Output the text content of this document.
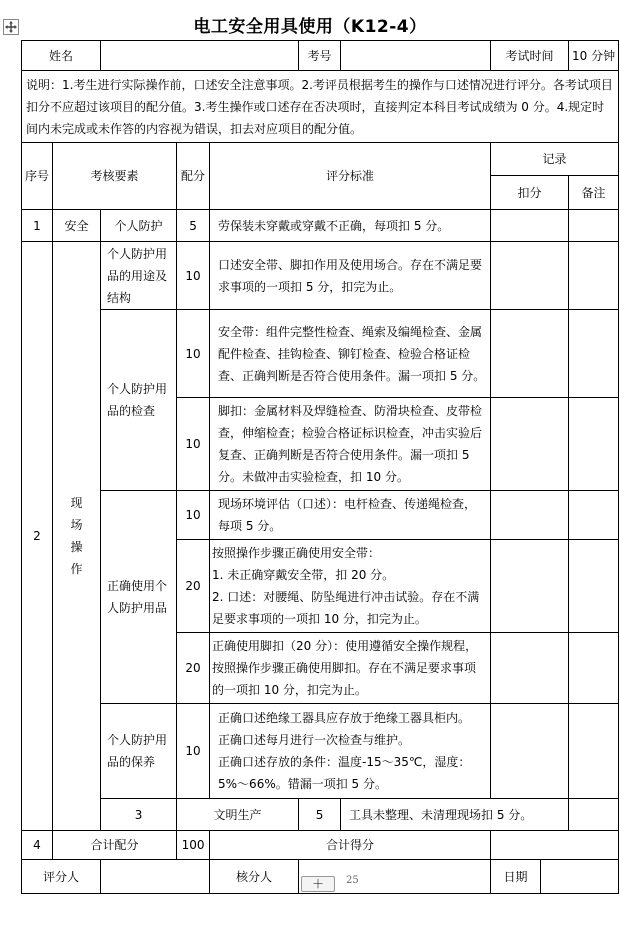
电工安全用具使用（K12-4）
姓名					考号		考试时间		10 分钟	
说明：1.考生进行实际操作前，口述安全注意事项。2.考评员根据考生的操作与口述情况进行评分。各考试项目扣分不应超过该项目的配分值。3.考生操作或口述存在否决项时，直接判定本科目考试成绩为 0 分。4.规定时间内未完成或未作答的内容视为错误，扣去对应项目的配分值。										
序号	考核要素		配分	评分标准			记录			
							扣分		备注	
1	安全	个人防护	5	劳保装未穿戴或穿戴不正确，每项扣 5 分。						
2	现场操作	个人防护用品的用途及结构	10	口述安全带、脚扣作用及使用场合。存在不满足要求事项的一项扣 5 分，扣完为止。						
		个人防护用品的检查	10	安全带：组件完整性检查、绳索及编绳检查、金属配件检查、挂钩检查、铆钉检查、检验合格证检查、正确判断是否符合使用条件。漏一项扣 5 分。						
			10	脚扣：金属材料及焊缝检查、防滑块检查、皮带检查，伸缩检查；检验合格证标识检查，冲击实验后复查、正确判断是否符合使用条件。漏一项扣 5 分。未做冲击实验检查，扣 10 分。						
		正确使用个人防护用品	10	现场环境评估（口述）：电杆检查、传递绳检查，每项 5 分。						
			20	按照操作步骤正确使用安全带：
1. 未正确穿戴安全带，扣 20 分。
2. 口述：对腰绳、防坠绳进行冲击试验。存在不满足要求事项的一项扣 10 分，扣完为止。						

			20	正确使用脚扣（20 分）：使用遵循安全操作规程，按照操作步骤正确使用脚扣。存在不满足要求事项的一项扣 10 分，扣完为止。						
		个人防护用品的保养	10	正确口述绝缘工器具应存放于绝缘工器具柜内。
正确口述每月进行一次检查与维护。
正确口述存放的条件：温度-15～35℃，湿度：5%～66%。错漏一项扣 5 分。						

		3	文明生产		5	工具未整理、未清理现场扣 5 分。				
4	合计配分		100	合计得分						
评分人				核分人			日期			
＋	25
